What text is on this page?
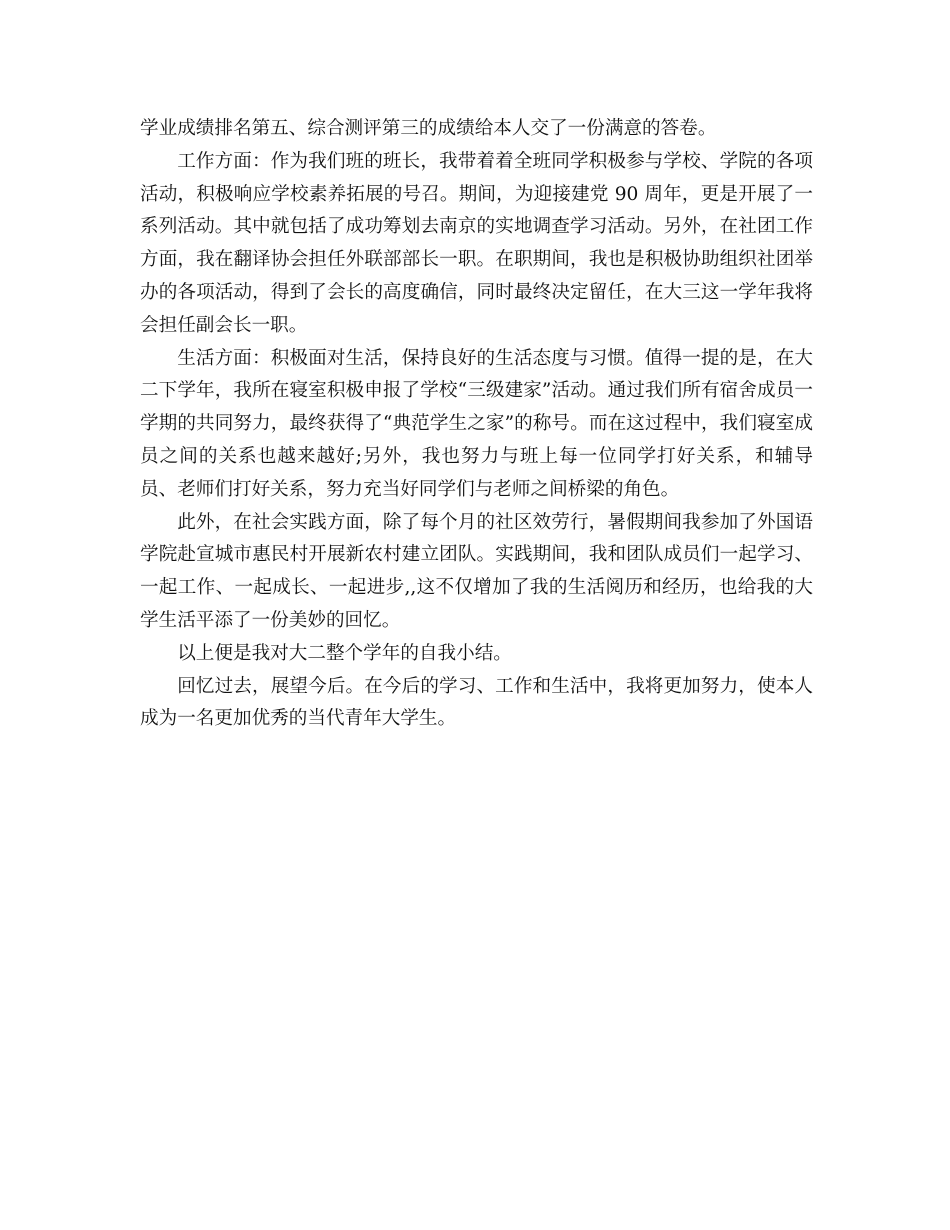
学业成绩排名第五、综合测评第三的成绩给本人交了一份满意的答卷。

工作方面：作为我们班的班长，我带着着全班同学积极参与学校、学院的各项活动，积极响应学校素养拓展的号召。期间，为迎接建党 90 周年，更是开展了一系列活动。其中就包括了成功筹划去南京的实地调查学习活动。另外，在社团工作方面，我在翻译协会担任外联部部长一职。在职期间，我也是积极协助组织社团举办的各项活动，得到了会长的高度确信，同时最终决定留任，在大三这一学年我将会担任副会长一职。

生活方面：积极面对生活，保持良好的生活态度与习惯。值得一提的是，在大二下学年，我所在寝室积极申报了学校“三级建家”活动。通过我们所有宿舍成员一学期的共同努力，最终获得了“典范学生之家”的称号。而在这过程中，我们寝室成员之间的关系也越来越好;另外，我也努力与班上每一位同学打好关系，和辅导员、老师们打好关系，努力充当好同学们与老师之间桥梁的角色。

此外，在社会实践方面，除了每个月的社区效劳行，暑假期间我参加了外国语学院赴宣城市惠民村开展新农村建立团队。实践期间，我和团队成员们一起学习、一起工作、一起成长、一起进步,,这不仅增加了我的生活阅历和经历，也给我的大学生活平添了一份美妙的回忆。

以上便是我对大二整个学年的自我小结。

回忆过去，展望今后。在今后的学习、工作和生活中，我将更加努力，使本人成为一名更加优秀的当代青年大学生。
